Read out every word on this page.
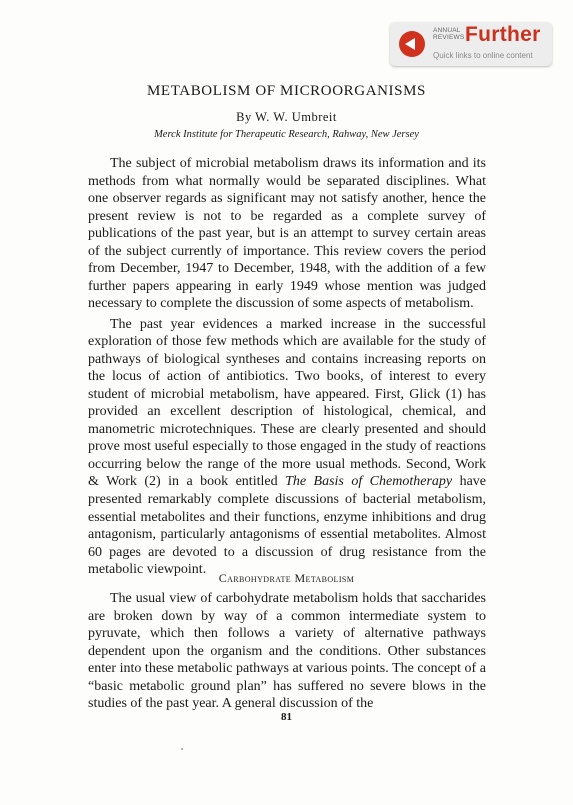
ANNUAL
REVIEWS Further
Quick links to online content
METABOLISM OF MICROORGANISMS
By W. W. Umbreit
Merck Institute for Therapeutic Research, Rahway, New Jersey

The subject of microbial metabolism draws its information and its methods from what normally would be separated disciplines. What one observer regards as significant may not satisfy another, hence the present review is not to be regarded as a complete survey of publications of the past year, but is an attempt to survey certain areas of the subject currently of importance. This review covers the period from December, 1947 to December, 1948, with the addition of a few further papers appearing in early 1949 whose mention was judged necessary to complete the discussion of some aspects of metabolism.

The past year evidences a marked increase in the successful exploration of those few methods which are available for the study of pathways of biological syntheses and contains increasing reports on the locus of action of antibiotics. Two books, of interest to every student of microbial metabolism, have appeared. First, Glick (1) has provided an excellent description of histological, chemical, and manometric microtechniques. These are clearly presented and should prove most useful especially to those engaged in the study of reactions occurring below the range of the more usual methods. Second, Work & Work (2) in a book entitled The Basis of Chemotherapy have presented remarkably complete discussions of bacterial metabolism, essential metabolites and their functions, enzyme inhibitions and drug antagonism, particularly antagonisms of essential metabolites. Almost 60 pages are devoted to a discussion of drug resistance from the metabolic viewpoint.

Carbohydrate Metabolism

The usual view of carbohydrate metabolism holds that saccharides are broken down by way of a common intermediate system to pyruvate, which then follows a variety of alternative pathways dependent upon the organism and the conditions. Other substances enter into these metabolic pathways at various points. The concept of a “basic metabolic ground plan” has suffered no severe blows in the studies of the past year. A general discussion of the

81
